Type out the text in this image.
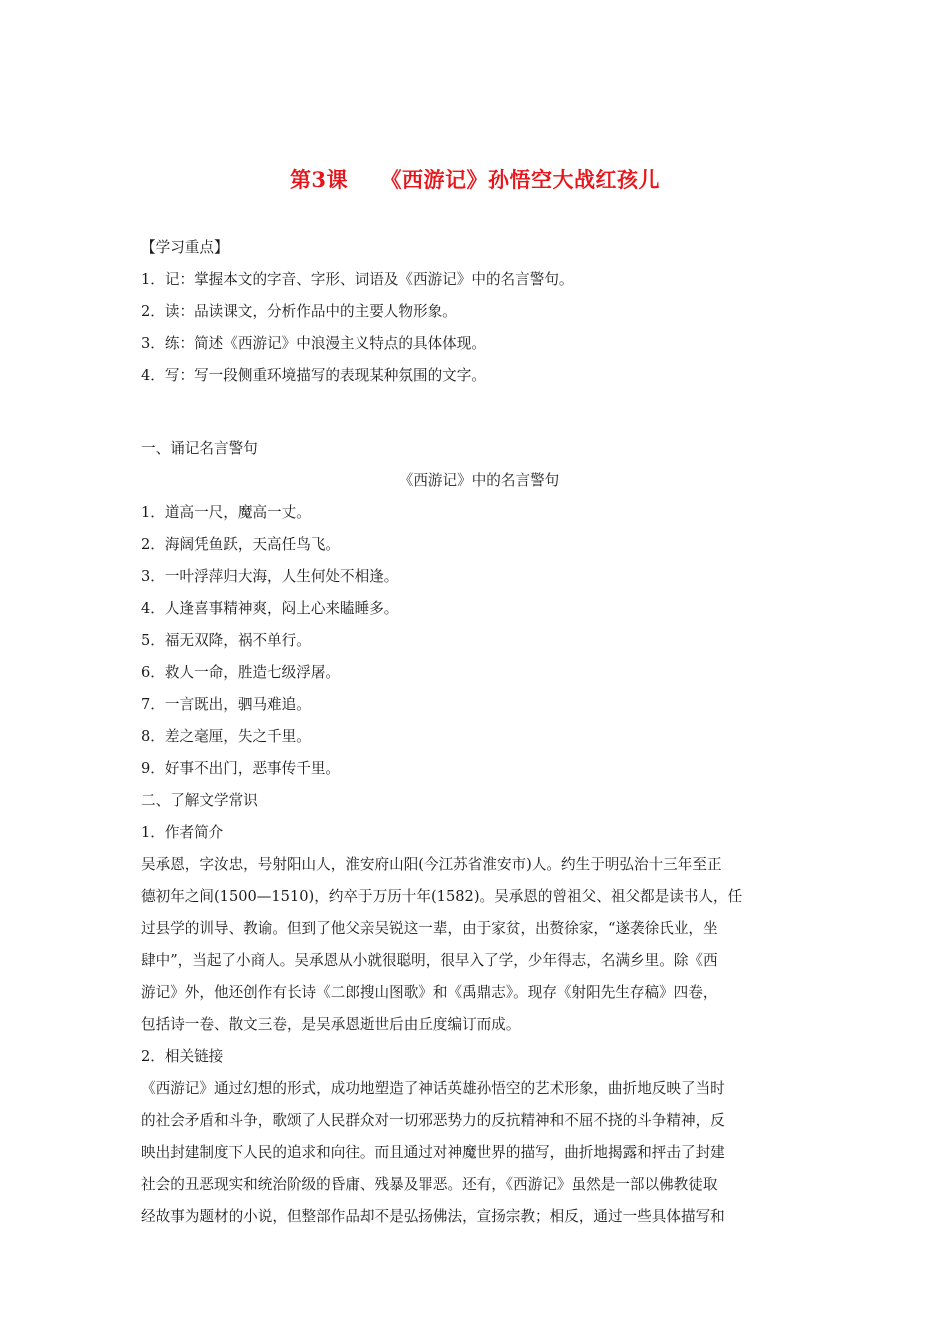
第3课　　《西游记》孙悟空大战红孩儿
【学习重点】
1．记：掌握本文的字音、字形、词语及《西游记》中的名言警句。
2．读：品读课文，分析作品中的主要人物形象。
3．练：简述《西游记》中浪漫主义特点的具体体现。
4．写：写一段侧重环境描写的表现某种氛围的文字。
一、诵记名言警句
《西游记》中的名言警句
1．道高一尺，魔高一丈。
2．海阔凭鱼跃，天高任鸟飞。
3．一叶浮萍归大海，人生何处不相逢。
4．人逢喜事精神爽，闷上心来瞌睡多。
5．福无双降，祸不单行。
6．救人一命，胜造七级浮屠。
7．一言既出，驷马难追。
8．差之毫厘，失之千里。
9．好事不出门，恶事传千里。
二、了解文学常识
1．作者简介
吴承恩，字汝忠，号射阳山人，淮安府山阳(今江苏省淮安市)人。约生于明弘治十三年至正
德初年之间(1500—1510)，约卒于万历十年(1582)。吴承恩的曾祖父、祖父都是读书人，任
过县学的训导、教谕。但到了他父亲吴锐这一辈，由于家贫，出赘徐家，“遂袭徐氏业，坐
肆中”，当起了小商人。吴承恩从小就很聪明，很早入了学，少年得志，名满乡里。除《西
游记》外，他还创作有长诗《二郎搜山图歌》和《禹鼎志》。现存《射阳先生存稿》四卷，
包括诗一卷、散文三卷，是吴承恩逝世后由丘度编订而成。
2．相关链接
《西游记》通过幻想的形式，成功地塑造了神话英雄孙悟空的艺术形象，曲折地反映了当时
的社会矛盾和斗争，歌颂了人民群众对一切邪恶势力的反抗精神和不屈不挠的斗争精神，反
映出封建制度下人民的追求和向往。而且通过对神魔世界的描写，曲折地揭露和抨击了封建
社会的丑恶现实和统治阶级的昏庸、残暴及罪恶。还有，《西游记》虽然是一部以佛教徒取
经故事为题材的小说，但整部作品却不是弘扬佛法，宣扬宗教；相反，通过一些具体描写和
